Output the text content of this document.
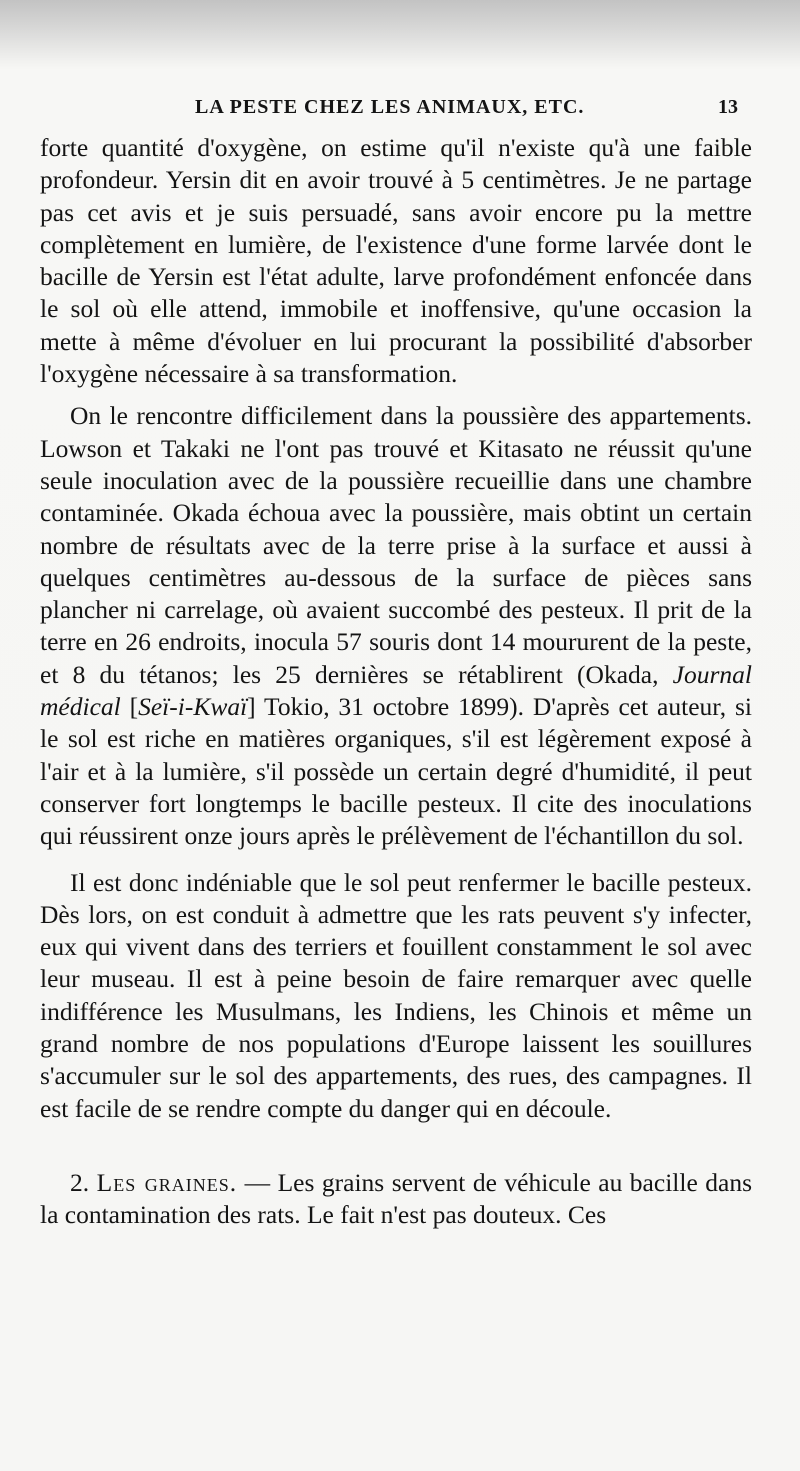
LA PESTE CHEZ LES ANIMAUX, ETC.	13

forte quantité d'oxygène, on estime qu'il n'existe qu'à une faible profondeur. Yersin dit en avoir trouvé à 5 centimètres. Je ne partage pas cet avis et je suis persuadé, sans avoir encore pu la mettre complètement en lumière, de l'existence d'une forme larvée dont le bacille de Yersin est l'état adulte, larve profondément enfoncée dans le sol où elle attend, immobile et inoffensive, qu'une occasion la mette à même d'évoluer en lui procurant la possibilité d'absorber l'oxygène nécessaire à sa transformation.

On le rencontre difficilement dans la poussière des appartements. Lowson et Takaki ne l'ont pas trouvé et Kitasato ne réussit qu'une seule inoculation avec de la poussière recueillie dans une chambre contaminée. Okada échoua avec la poussière, mais obtint un certain nombre de résultats avec de la terre prise à la surface et aussi à quelques centimètres au-dessous de la surface de pièces sans plancher ni carrelage, où avaient succombé des pesteux. Il prit de la terre en 26 endroits, inocula 57 souris dont 14 moururent de la peste, et 8 du tétanos; les 25 dernières se rétablirent (Okada, Journal médical [Seï-i-Kwaï] Tokio, 31 octobre 1899). D'après cet auteur, si le sol est riche en matières organiques, s'il est légèrement exposé à l'air et à la lumière, s'il possède un certain degré d'humidité, il peut conserver fort longtemps le bacille pesteux. Il cite des inoculations qui réussirent onze jours après le prélèvement de l'échantillon du sol.

Il est donc indéniable que le sol peut renfermer le bacille pesteux. Dès lors, on est conduit à admettre que les rats peuvent s'y infecter, eux qui vivent dans des terriers et fouillent constamment le sol avec leur museau. Il est à peine besoin de faire remarquer avec quelle indifférence les Musulmans, les Indiens, les Chinois et même un grand nombre de nos populations d'Europe laissent les souillures s'accumuler sur le sol des appartements, des rues, des campagnes. Il est facile de se rendre compte du danger qui en découle.

2. Les graines. — Les grains servent de véhicule au bacille dans la contamination des rats. Le fait n'est pas douteux. Ces
